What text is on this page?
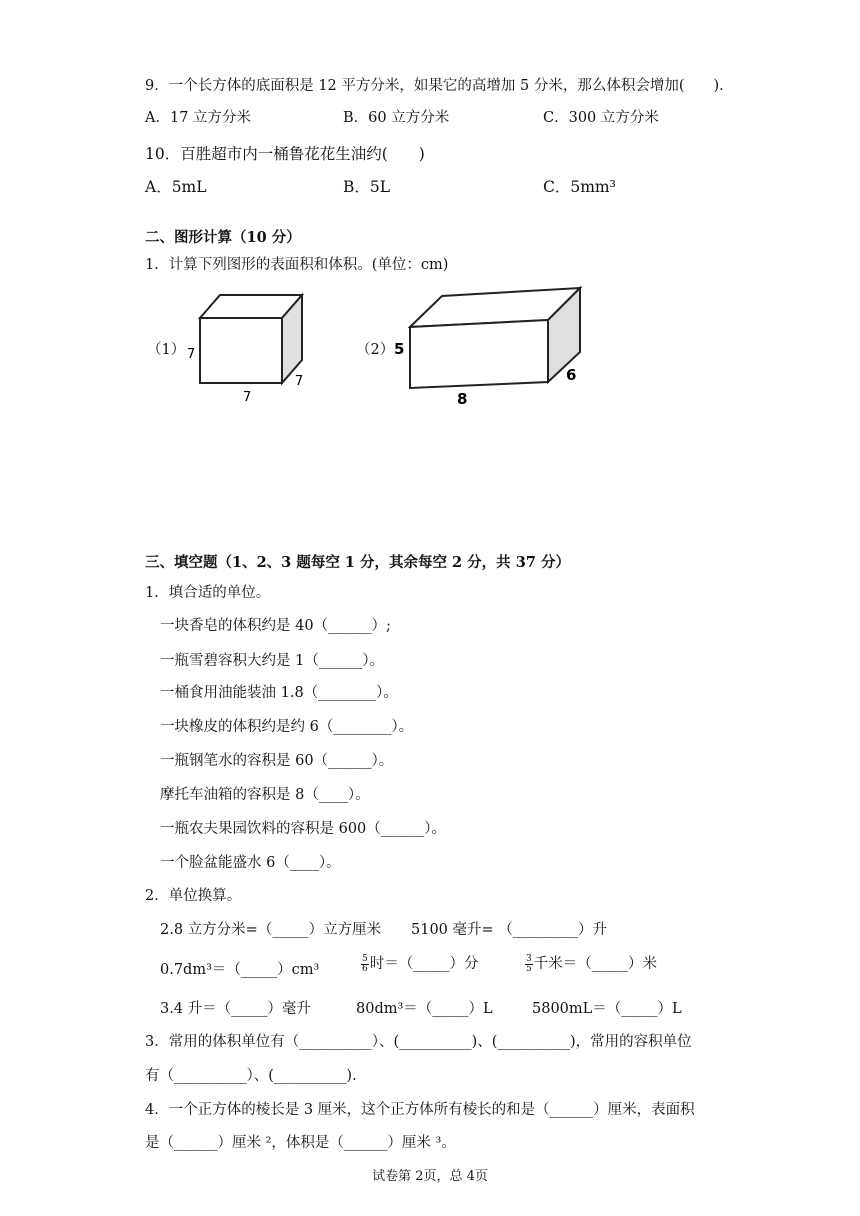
9．一个长方体的底面积是 12 平方分米，如果它的高增加 5 分米，那么体积会增加(　　)．
A．17 立方分米	B．60 立方分米	C．300 立方分米
10．百胜超市内一桶鲁花花生油约(　　)
A．5mL	B．5L	C．5mm³
二、图形计算（10 分）
1．计算下列图形的表面积和体积。(单位：cm)
（1） 7
7
7
（2） 5
8
6
三、填空题（1、2、3 题每空 1 分，其余每空 2 分，共 37 分）
1．填合适的单位。
一块香皂的体积约是 40（______）;
一瓶雪碧容积大约是 1（______）。
一桶食用油能装油 1.8（________）。
一块橡皮的体积约是约 6（________）。
一瓶钢笔水的容积是 60（______）。
摩托车油箱的容积是 8（____）。
一瓶农夫果园饮料的容积是 600（______）。
一个脸盆能盛水 6（____）。
2．单位换算。
2.8 立方分米=（_____）立方厘米 5100 毫升= （_________）升
0.7dm³＝（_____）cm³	$\frac{5}{6}$ 时＝（_____）分	$\frac{3}{5}$ 千米＝（_____）米
3.4 升＝（_____）毫升	80dm³＝（_____）L	5800mL＝（_____）L
3．常用的体积单位有（__________）、(__________)、(__________)，常用的容积单位
有（__________）、(__________).
4．一个正方体的棱长是 3 厘米，这个正方体所有棱长的和是（______）厘米，表面积
是（______）厘米 ²，体积是（______）厘米 ³。
试卷第 2页，总 4页
